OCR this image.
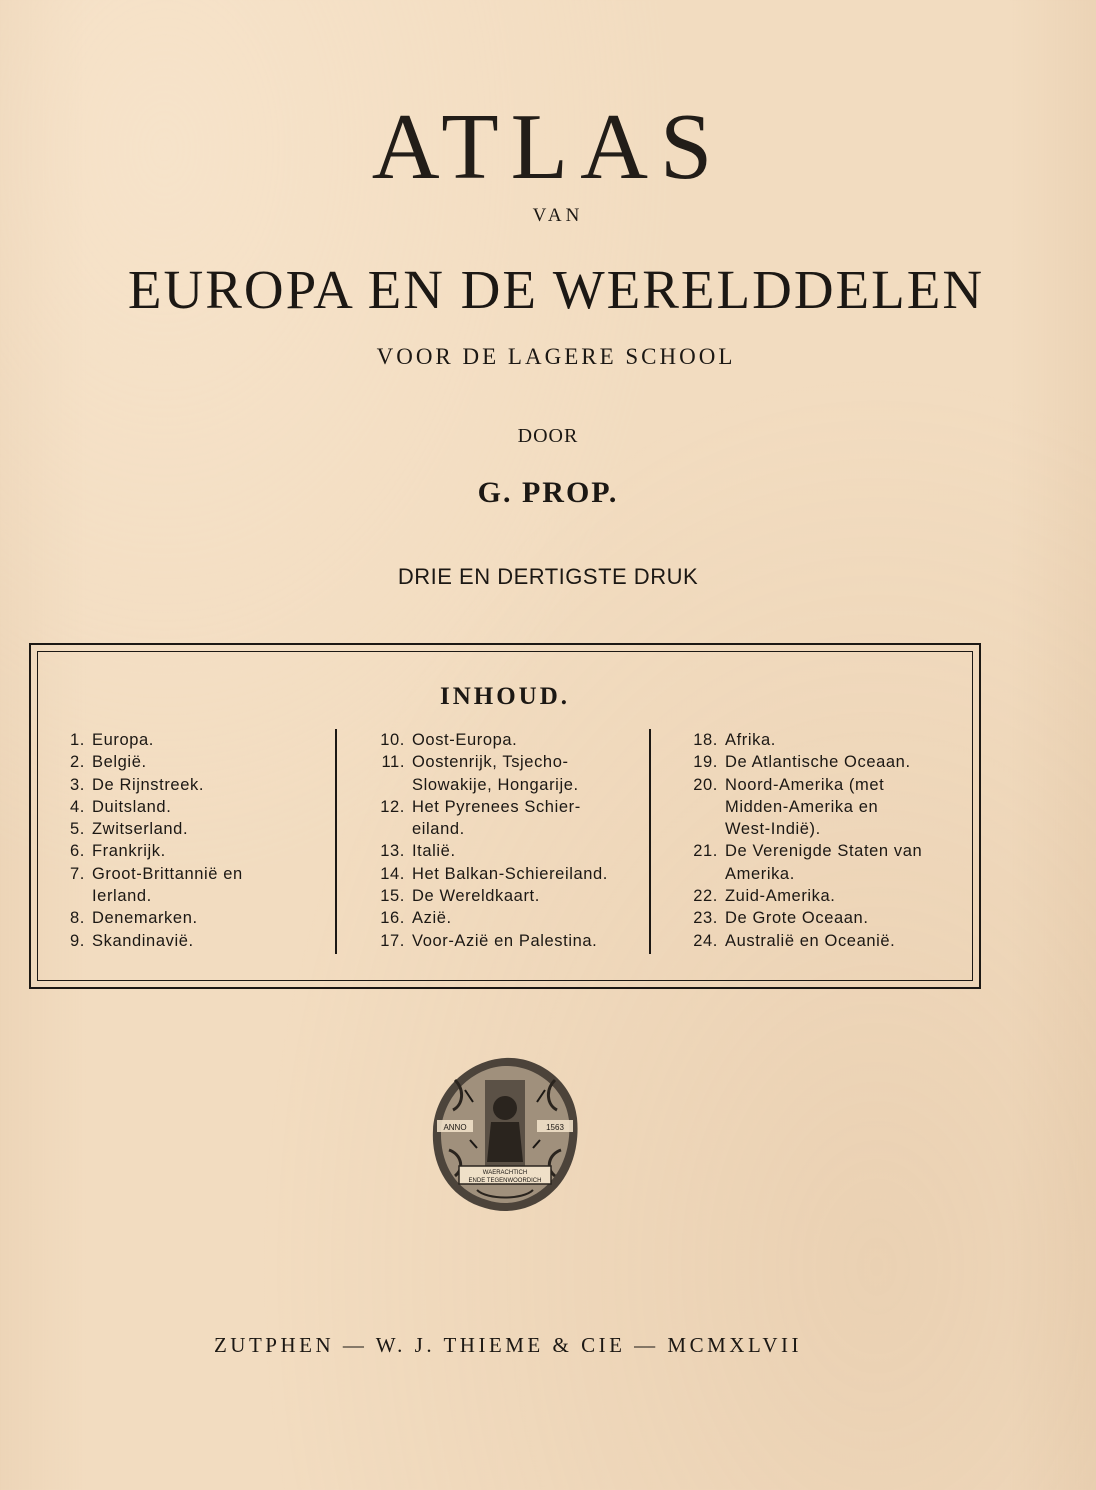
ATLAS
VAN
EUROPA EN DE WERELDDELEN
VOOR DE LAGERE SCHOOL
DOOR
G. PROP.
DRIE EN DERTIGSTE DRUK
INHOUD.
1. Europa.
2. België.
3. De Rijnstreek.
4. Duitsland.
5. Zwitserland.
6. Frankrijk.
7. Groot-Brittannië en
Ierland.
8. Denemarken.
9. Skandinavië.
10. Oost-Europa.
11. Oostenrijk, Tsjecho-
Slowakije, Hongarije.
12. Het Pyrenees Schier-
eiland.
13. Italië.
14. Het Balkan-Schiereiland.
15. De Wereldkaart.
16. Azië.
17. Voor-Azië en Palestina.
18. Afrika.
19. De Atlantische Oceaan.
20. Noord-Amerika (met
Midden-Amerika en
West-Indië).
21. De Verenigde Staten van
Amerika.
22. Zuid-Amerika.
23. De Grote Oceaan.
24. Australië en Oceanië.
ANNO	1563
WAERACHTICH
ENDE TEGENWOORDICH
ZUTPHEN — W. J. THIEME & CIE — MCMXLVII
